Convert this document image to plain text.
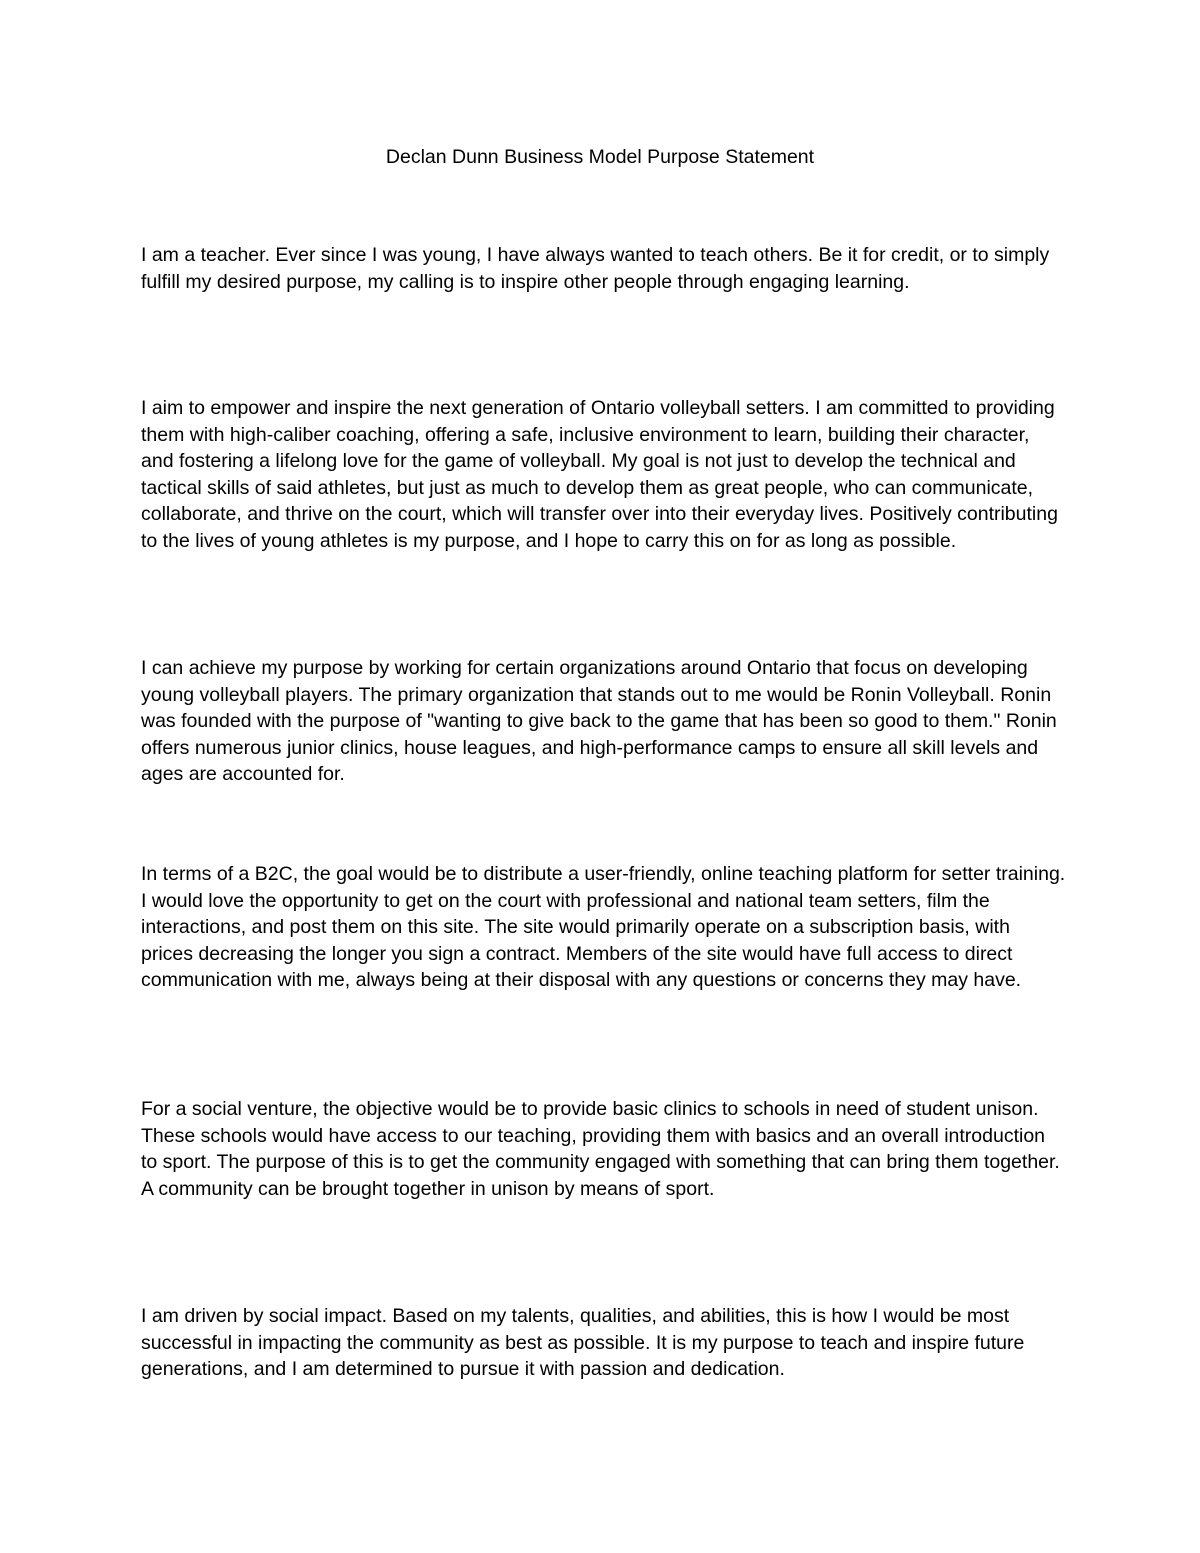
Declan Dunn Business Model Purpose Statement

I am a teacher. Ever since I was young, I have always wanted to teach others. Be it for credit, or to simply fulfill my desired purpose, my calling is to inspire other people through engaging learning.

I aim to empower and inspire the next generation of Ontario volleyball setters. I am committed to providing them with high-caliber coaching, offering a safe, inclusive environment to learn, building their character, and fostering a lifelong love for the game of volleyball. My goal is not just to develop the technical and tactical skills of said athletes, but just as much to develop them as great people, who can communicate, collaborate, and thrive on the court, which will transfer over into their everyday lives. Positively contributing to the lives of young athletes is my purpose, and I hope to carry this on for as long as possible.

I can achieve my purpose by working for certain organizations around Ontario that focus on developing young volleyball players. The primary organization that stands out to me would be Ronin Volleyball. Ronin was founded with the purpose of "wanting to give back to the game that has been so good to them." Ronin offers numerous junior clinics, house leagues, and high-performance camps to ensure all skill levels and ages are accounted for.

In terms of a B2C, the goal would be to distribute a user-friendly, online teaching platform for setter training. I would love the opportunity to get on the court with professional and national team setters, film the interactions, and post them on this site. The site would primarily operate on a subscription basis, with prices decreasing the longer you sign a contract. Members of the site would have full access to direct communication with me, always being at their disposal with any questions or concerns they may have.

For a social venture, the objective would be to provide basic clinics to schools in need of student unison. These schools would have access to our teaching, providing them with basics and an overall introduction to sport. The purpose of this is to get the community engaged with something that can bring them together. A community can be brought together in unison by means of sport.

I am driven by social impact. Based on my talents, qualities, and abilities, this is how I would be most successful in impacting the community as best as possible. It is my purpose to teach and inspire future generations, and I am determined to pursue it with passion and dedication.
